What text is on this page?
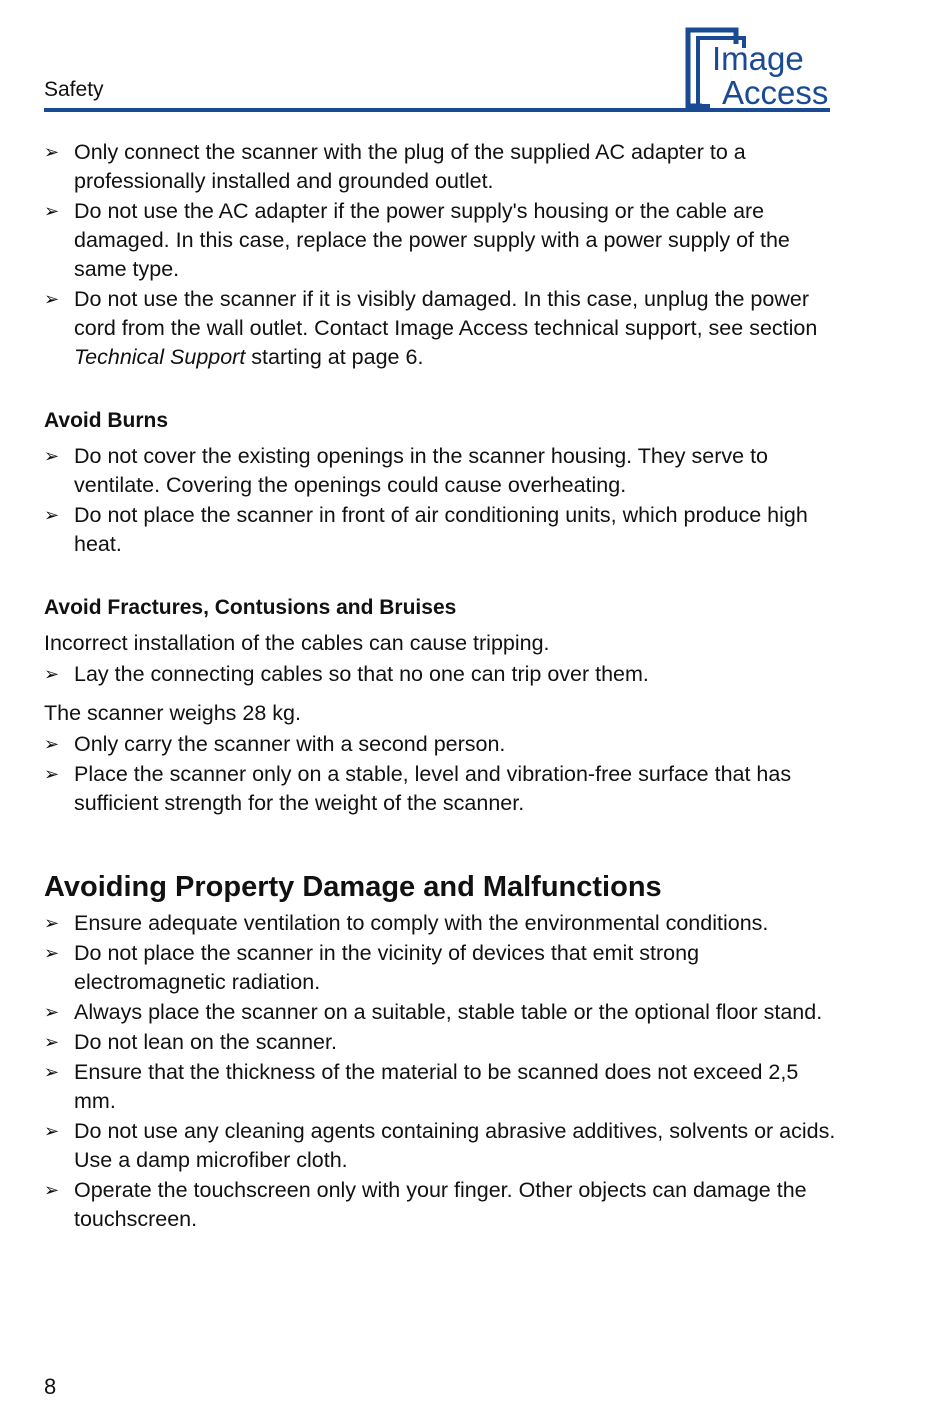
Safety
Image
Access
➢ Only connect the scanner with the plug of the supplied AC adapter to a professionally installed and grounded outlet.
➢ Do not use the AC adapter if the power supply's housing or the cable are damaged. In this case, replace the power supply with a power supply of the same type.
➢ Do not use the scanner if it is visibly damaged. In this case, unplug the power cord from the wall outlet. Contact Image Access technical support, see section Technical Support starting at page 6.

Avoid Burns

➢ Do not cover the existing openings in the scanner housing. They serve to ventilate. Covering the openings could cause overheating.
➢ Do not place the scanner in front of air conditioning units, which produce high heat.

Avoid Fractures, Contusions and Bruises

Incorrect installation of the cables can cause tripping.

➢ Lay the connecting cables so that no one can trip over them.

The scanner weighs 28 kg.

➢ Only carry the scanner with a second person.
➢ Place the scanner only on a stable, level and vibration-free surface that has sufficient strength for the weight of the scanner.

Avoiding Property Damage and Malfunctions

➢ Ensure adequate ventilation to comply with the environmental conditions.
➢ Do not place the scanner in the vicinity of devices that emit strong electromagnetic radiation.
➢ Always place the scanner on a suitable, stable table or the optional floor stand.
➢ Do not lean on the scanner.
➢ Ensure that the thickness of the material to be scanned does not exceed 2,5 mm.
➢ Do not use any cleaning agents containing abrasive additives, solvents or acids. Use a damp microfiber cloth.
➢ Operate the touchscreen only with your finger. Other objects can damage the touchscreen.
8
